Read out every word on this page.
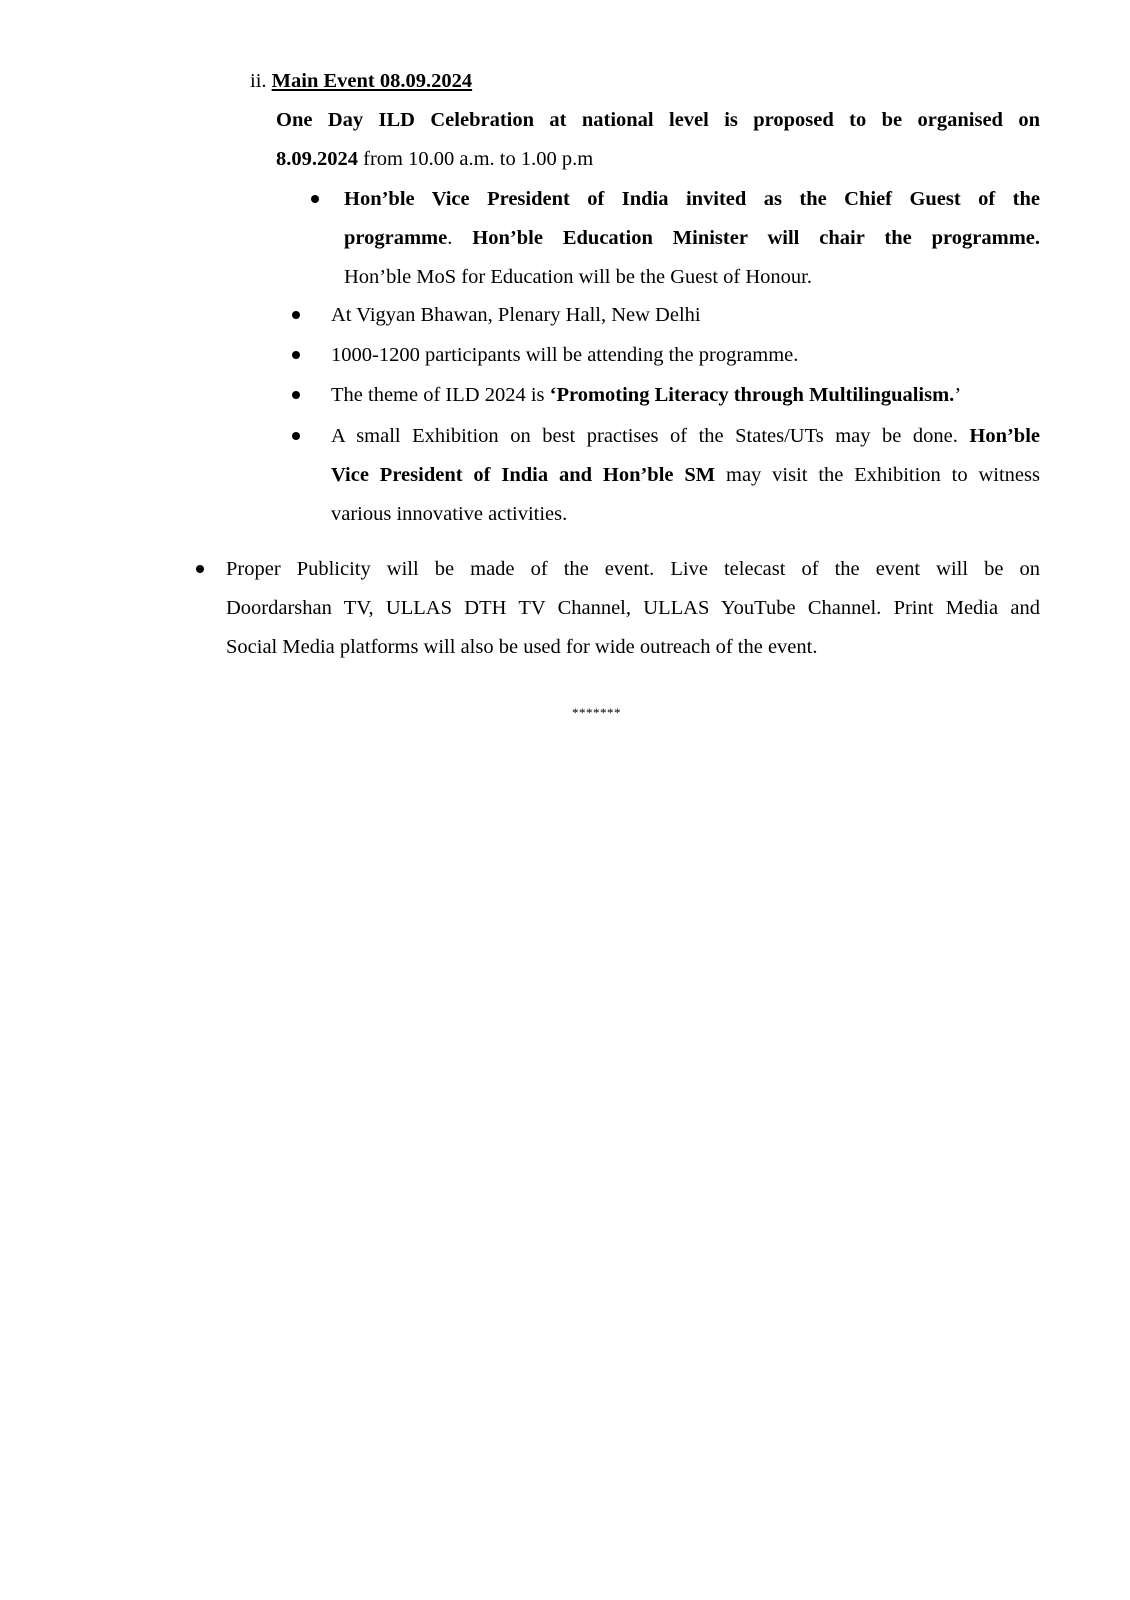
ii. Main Event 08.09.2024
One Day ILD Celebration at national level is proposed to be organised on
8.09.2024 from 10.00 a.m. to 1.00 p.m
Hon’ble Vice President of India invited as the Chief Guest of the
programme. Hon’ble Education Minister will chair the programme.
Hon’ble MoS for Education will be the Guest of Honour.
At Vigyan Bhawan, Plenary Hall, New Delhi
1000-1200 participants will be attending the programme.
The theme of ILD 2024 is ‘Promoting Literacy through Multilingualism.’
A small Exhibition on best practises of the States/UTs may be done. Hon’ble
Vice President of India and Hon’ble SM may visit the Exhibition to witness
various innovative activities.
Proper Publicity will be made of the event. Live telecast of the event will be on
Doordarshan TV, ULLAS DTH TV Channel, ULLAS YouTube Channel. Print Media and
Social Media platforms will also be used for wide outreach of the event.
*******
